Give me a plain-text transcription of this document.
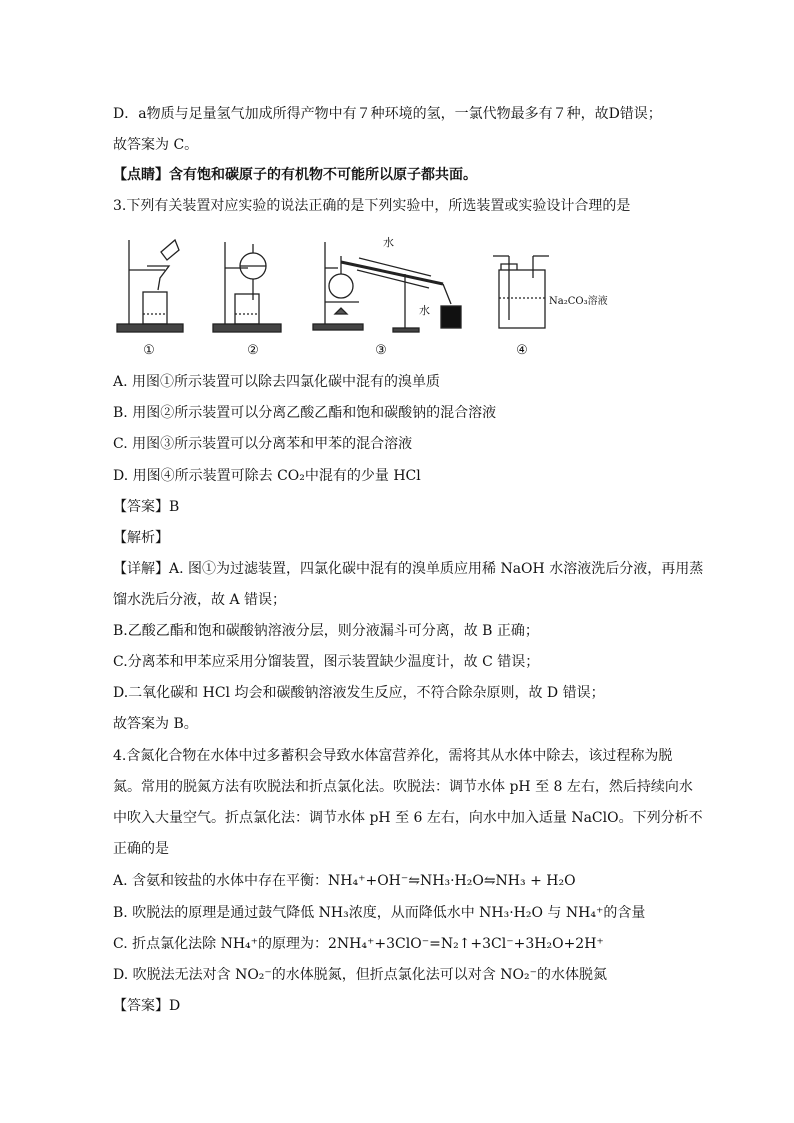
D．a物质与足量氢气加成所得产物中有７种环境的氢，一氯代物最多有７种，故D错误；
故答案为 C。
【点睛】含有饱和碳原子的有机物不可能所以原子都共面。
3.下列有关装置对应实验的说法正确的是下列实验中，所选装置或实验设计合理的是
①	②
水
水
③
Na₂CO₃溶液
④
A. 用图①所示装置可以除去四氯化碳中混有的溴单质
B. 用图②所示装置可以分离乙酸乙酯和饱和碳酸钠的混合溶液
C. 用图③所示装置可以分离苯和甲苯的混合溶液
D. 用图④所示装置可除去 CO₂中混有的少量 HCl
【答案】B
【解析】
【详解】A. 图①为过滤装置，四氯化碳中混有的溴单质应用稀 NaOH 水溶液洗后分液，再用蒸
馏水洗后分液，故 A 错误；
B.乙酸乙酯和饱和碳酸钠溶液分层，则分液漏斗可分离，故 B 正确；
C.分离苯和甲苯应采用分馏装置，图示装置缺少温度计，故 C 错误；
D.二氧化碳和 HCl 均会和碳酸钠溶液发生反应，不符合除杂原则，故 D 错误；
故答案为 B。
4.含氮化合物在水体中过多蓄积会导致水体富营养化，需将其从水体中除去，该过程称为脱
氮。常用的脱氮方法有吹脱法和折点氯化法。吹脱法：调节水体 pH 至 8 左右，然后持续向水
中吹入大量空气。折点氯化法：调节水体 pH 至 6 左右，向水中加入适量 NaClO。下列分析不
正确的是
A. 含氨和铵盐的水体中存在平衡：NH₄⁺+OH⁻⇋NH₃·H₂O⇋NH₃ + H₂O
B. 吹脱法的原理是通过鼓气降低 NH₃浓度，从而降低水中 NH₃·H₂O 与 NH₄⁺的含量
C. 折点氯化法除 NH₄⁺的原理为：2NH₄⁺+3ClO⁻=N₂↑+3Cl⁻+3H₂O+2H⁺
D. 吹脱法无法对含 NO₂⁻的水体脱氮，但折点氯化法可以对含 NO₂⁻的水体脱氮
【答案】D
